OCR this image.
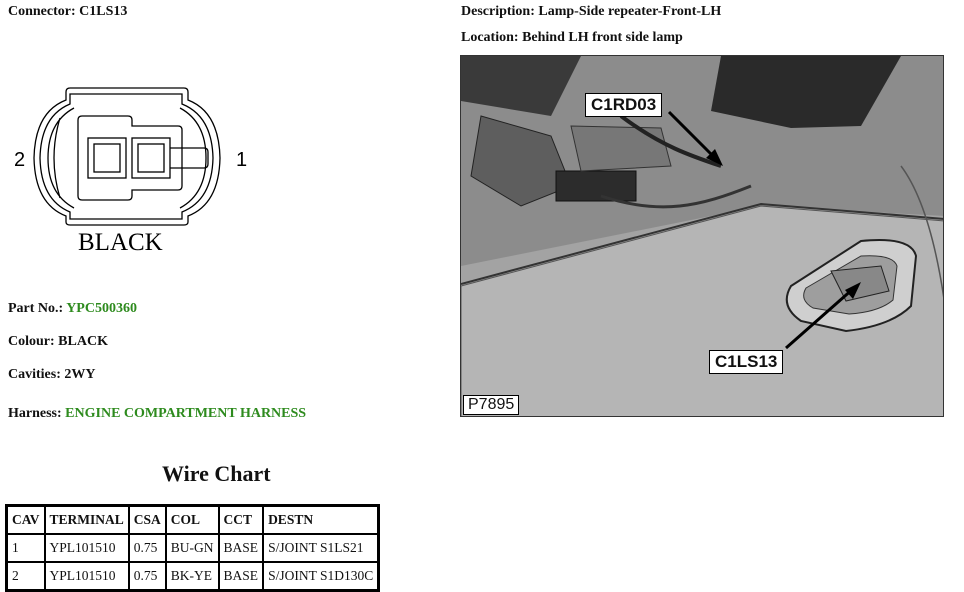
Connector: C1LS13	Description: Lamp-Side repeater-Front-LH
Location: Behind LH front side lamp
2	1
BLACK
Part No.: YPC500360
Colour: BLACK
Cavities: 2WY
Harness: ENGINE COMPARTMENT HARNESS
Wire Chart
CAV	TERMINAL	CSA	COL	CCT	DESTN
1	YPL101510	0.75	BU-GN	BASE	S/JOINT S1LS21
2	YPL101510	0.75	BK-YE	BASE	S/JOINT S1D130C
C1RD03
C1LS13
P7895
